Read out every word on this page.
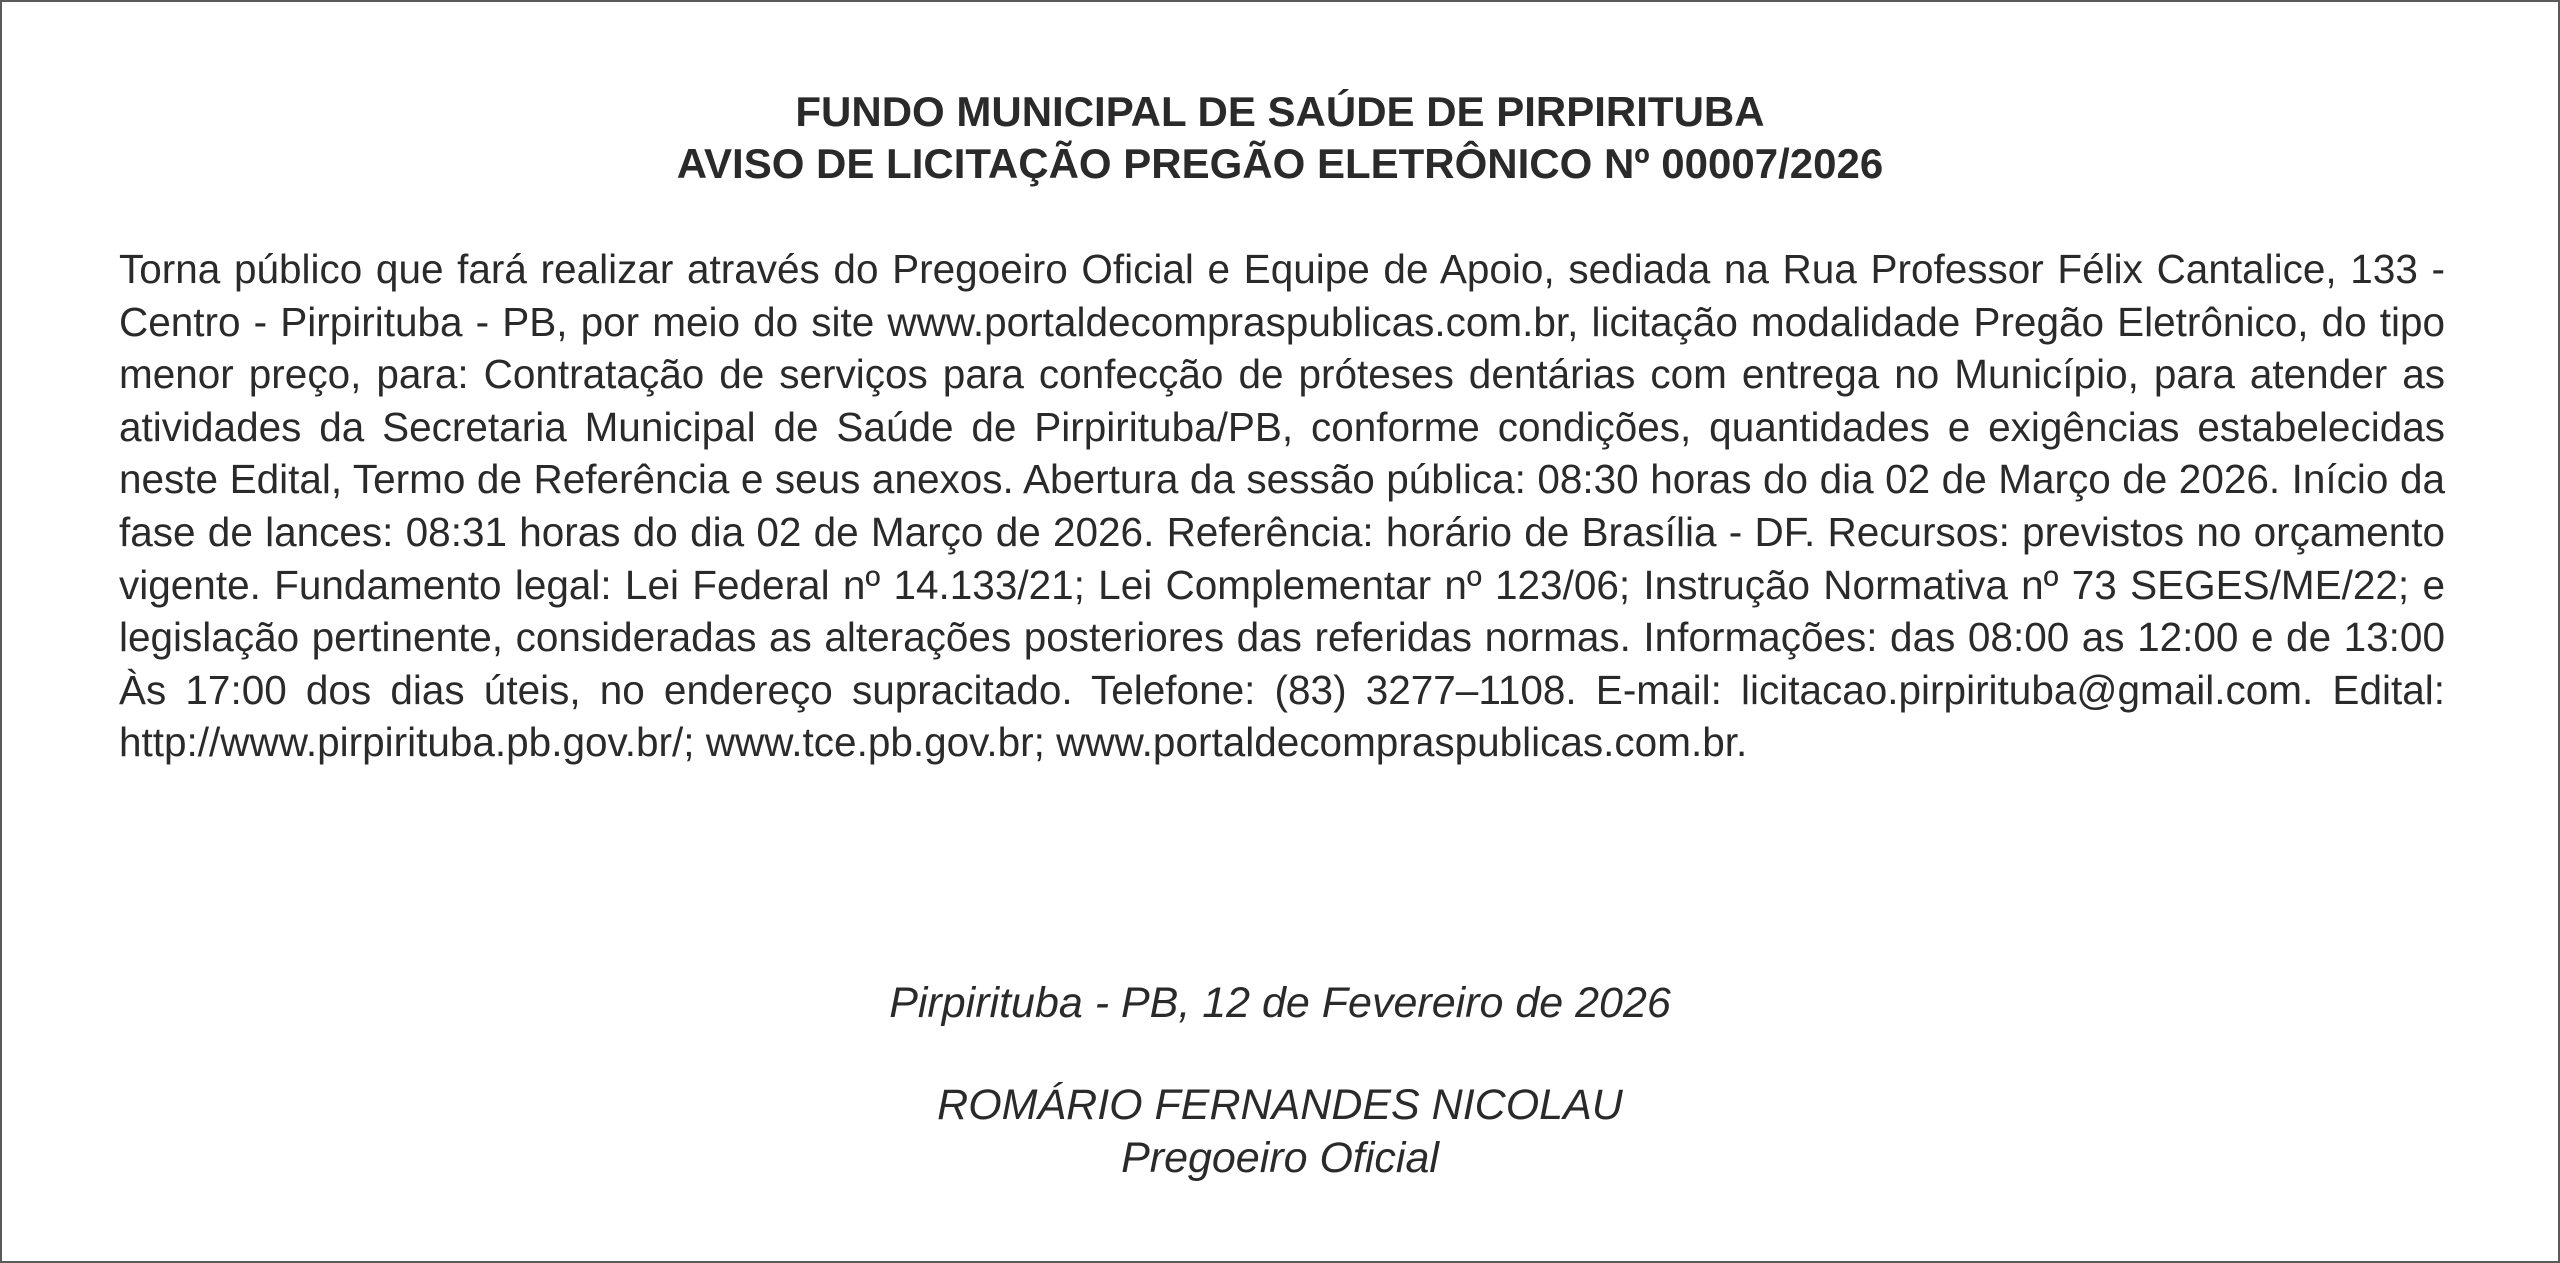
FUNDO MUNICIPAL DE SAÚDE DE PIRPIRITUBA
AVISO DE LICITAÇÃO PREGÃO ELETRÔNICO Nº 00007/2026

Torna público que fará realizar através do Pregoeiro Oficial e Equipe de Apoio, sediada na Rua Professor Félix Cantalice, 133 - Centro - Pirpirituba - PB, por meio do site www.portaldecompraspublicas.com.br, licitação modalidade Pregão Eletrônico, do tipo menor preço, para: Contratação de serviços para confecção de próteses dentárias com entrega no Município, para atender as atividades da Secretaria Municipal de Saúde de Pirpirituba/PB, conforme condições, quantidades e exigências estabelecidas neste Edital, Termo de Referência e seus anexos. Abertura da sessão pública: 08:30 horas do dia 02 de Março de 2026. Início da fase de lances: 08:31 horas do dia 02 de Março de 2026. Referência: horário de Brasília - DF. Recursos: previstos no orçamento vigente. Fundamento legal: Lei Federal nº 14.133/21; Lei Complementar nº 123/06; Instrução Normativa nº 73 SEGES/ME/22; e legislação pertinente, consideradas as alterações posteriores das referidas normas. Informações: das 08:00 as 12:00 e de 13:00 Às 17:00 dos dias úteis, no endereço supracitado. Telefone: (83) 3277–1108. E-mail: licitacao.pirpirituba@gmail.com. Edital: http://www.pirpirituba.pb.gov.br/; www.tce.pb.gov.br; www.portaldecompraspublicas.com.br.

Pirpirituba - PB, 12 de Fevereiro de 2026
ROMÁRIO FERNANDES NICOLAU
Pregoeiro Oficial
